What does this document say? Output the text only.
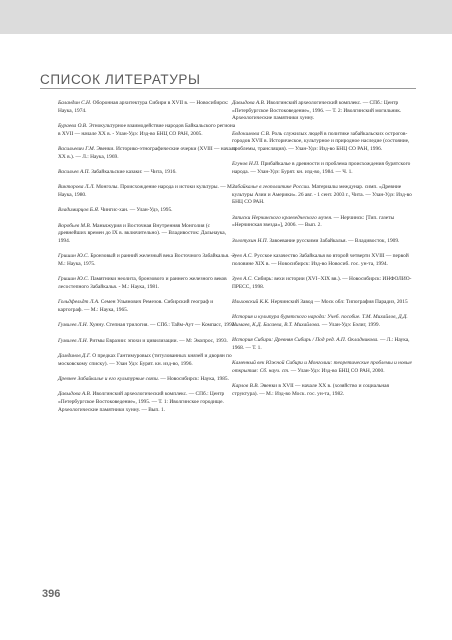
СПИСОК ЛИТЕРАТУРЫ

Баландин С.Н. Оборонная архитектура Сибири в XVII в. — Новосибирск: Наука, 1974.

Бураева О.В. Этнокультурное взаимодействие народов Байкальского региона в XVII — начале XX в. - Улан-Удэ: Изд-во БНЦ СО РАН, 2005.

Васильевич Г.М. Эвенки. Историко-этнографические очерки (XVIII — начало XX в.). — Л.: Наука, 1969.

Васильев А.П. Забайкальские казаки: — Чита, 1916.

Викторова Л.Л. Монголы. Происхождение народа и истоки культуры. — М.: Наука, 1980.

Владимирцов Б.Я. Чингис-хан. — Улан-Удэ, 1995.

Воробьев М.В. Маньчжурия и Восточная Внутренняя Монголия (с древнейших времен до IX в. включительно). — Владивосток: Дальнаука, 1994.

Гришин Ю.С. Бронзовый и ранний железный века Восточного Забайкалья. — М.: Наука, 1975.

Гришин Ю.С. Памятники неолита, бронзового и раннего железного веков лесостепного Забайкалья. - М.: Наука, 1981.

Гольдфельдт Л.А. Семен Ульянович Ремезов. Сибирский географ и картограф. — М.: Наука, 1965.

Гумилев Л.Н. Хунну. Степная трилогия. — СПб.: Тайм-Аут — Компасс, 1993.

Гумилев Л.Н. Ритмы Евразии: эпохи и цивилизации. — М: Экопрос, 1993.

Дамдинов Д.Г. О предках Гантимуровых (титулованных князей и дворян по московскому списку). — Улан Удэ: Бурят. кн. изд-во, 1996.

Древнее Забайкалье и его культурные связи. — Новосибирск: Наука, 1985.

Давыдова А.В. Иволгинский археологический комплекс. — СПб.: Центр «Петербургское Востоковедение», 1995. — Т. 1: Иволгинское городище. Археологические памятники хунну. — Вып. 1.

Давыдова А.В. Иволгинский археологический комплекс. — СПб.: Центр «Петербургское Востоковедение», 1996. — Т. 2: Иволгинский могильник. Археологические памятники хунну.

Евдокимова С.В. Роль служилых людей в политике забайкальских острогов-городов XVII в. Историческое, культурное и природное наследие (состояние, проблемы, трансляция). — Улан-Удэ: Изд-во БНЦ СО РАН, 1996.

Егунов Н.П. Прибайкалье в древности и проблема происхождения бурятского народа. — Улан-Удэ: Бурят. кн. изд-во, 1984. — Ч. 1.

Забайкалье в геополитике России. Материалы междунар. симп. «Древние культуры Азии и Америки». 26 авг. - 1 сент. 2003 г., Чита. — Улан-Удэ: Изд-во БНЦ СО РАН.

Записки Нерчинского краеведческого музея. — Нерчинск: [Тип. газеты «Нерчинская звезда»], 2006. — Вып. 2.

Золотухин Н.П. Завоевание русскими Забайкалья. — Владивосток, 1909.

Зуев А.С. Русское казачество Забайкалья во второй четверти XVIII — первой половине XIX в. — Новосибирск: Изд-во Новосиб. гос. ун-та, 1994.

Зуев А.С. Сибирь: вехи истории (XVI−XIX вв.). — Новосибирск: ИНФОЛИО-ПРЕСС, 1998.

Ильховский К.К. Нерчинский Завод — Моск обл: Типография Парадиз, 2015

История и культура бурятского народа: Учеб. пособие. Т.М. Михайлов, Д.Д. Нимаев, К.Д. Басаева, В.Т. Михайлова. — Улан-Удэ: Бэлиг, 1999.

История Сибири: Древняя Сибирь / Под ред. А.П. Окладникова. — Л.: Наука, 1968. — Т. 1.

Каменный век Южной Сибири и Монголии: теоретические проблемы и новые открытия: Сб. науч. ст. — Улан-Удэ: Изд-во БНЦ СО РАН, 2000.

Карлов В.В. Эвенки в XVII — начале XX в. (хозяйство и социальная структура). — М.: Изд-во Моск. гос. ун-та, 1982.

396
